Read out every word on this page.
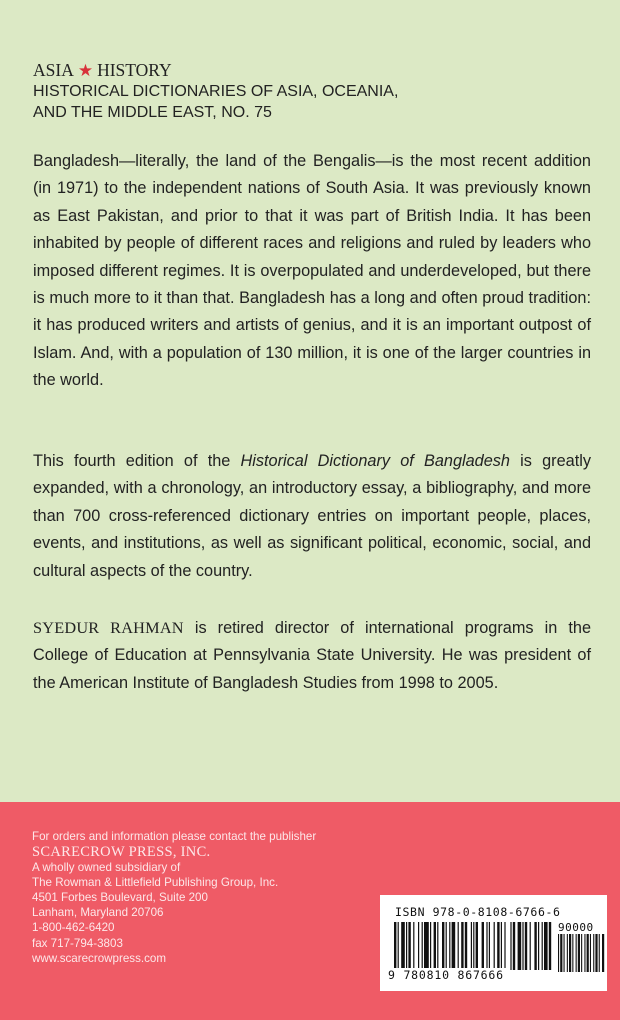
ASIA ★ HISTORY
HISTORICAL DICTIONARIES OF ASIA, OCEANIA,
AND THE MIDDLE EAST, NO. 75

Bangladesh—literally, the land of the Bengalis—is the most recent addition (in 1971) to the independent nations of South Asia. It was previously known as East Pakistan, and prior to that it was part of British India. It has been inhabited by people of different races and religions and ruled by leaders who imposed different regimes. It is overpopulated and underdeveloped, but there is much more to it than that. Bangladesh has a long and often proud tradition: it has produced writers and artists of genius, and it is an important outpost of Islam. And, with a population of 130 million, it is one of the larger countries in the world.

This fourth edition of the Historical Dictionary of Bangladesh is greatly expanded, with a chronology, an introductory essay, a bibliography, and more than 700 cross-referenced dictionary entries on important people, places, events, and institutions, as well as significant political, economic, social, and cultural aspects of the country.

SYEDUR RAHMAN is retired director of international programs in the College of Education at Pennsylvania State University. He was president of the American Institute of Bangladesh Studies from 1998 to 2005.

For orders and information please contact the publisher
SCARECROW PRESS, INC.
A wholly owned subsidiary of
The Rowman & Littlefield Publishing Group, Inc.
4501 Forbes Boulevard, Suite 200
Lanham, Maryland 20706
1-800-462-6420
fax 717-794-3803
www.scarecrowpress.com
ISBN 978-0-8108-6766-6
90000
9 780810 867666
